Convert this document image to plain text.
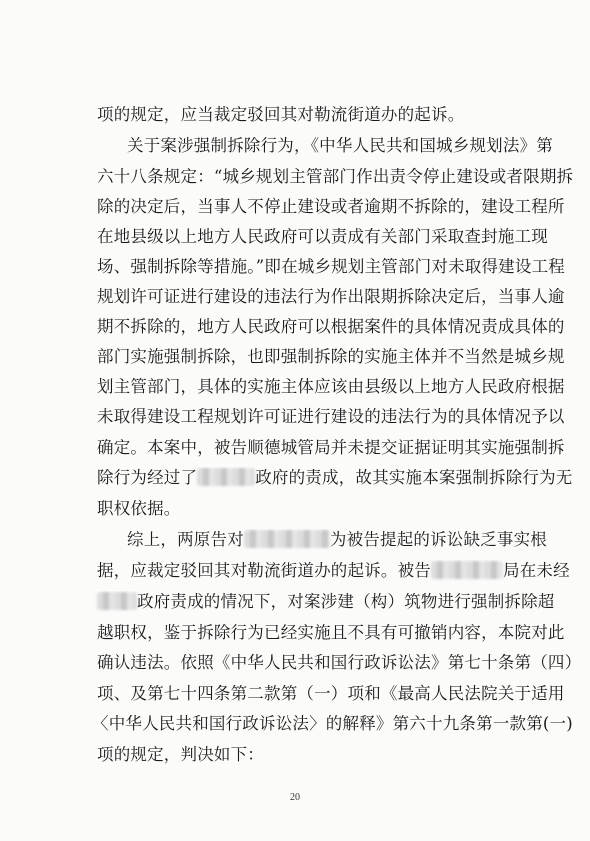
项的规定，应当裁定驳回其对勒流街道办的起诉。
关于案涉强制拆除行为，《中华人民共和国城乡规划法》第
六十八条规定：“城乡规划主管部门作出责令停止建设或者限期拆
除的决定后，当事人不停止建设或者逾期不拆除的，建设工程所
在地县级以上地方人民政府可以责成有关部门采取查封施工现
场、强制拆除等措施。”即在城乡规划主管部门对未取得建设工程
规划许可证进行建设的违法行为作出限期拆除决定后，当事人逾
期不拆除的，地方人民政府可以根据案件的具体情况责成具体的
部门实施强制拆除，也即强制拆除的实施主体并不当然是城乡规
划主管部门，具体的实施主体应该由县级以上地方人民政府根据
未取得建设工程规划许可证进行建设的违法行为的具体情况予以
确定。本案中，被告顺德城管局并未提交证据证明其实施强制拆
除行为经过了	政府的责成，故其实施本案强制拆除行为无
职权依据。
综上，两原告对	为被告提起的诉讼缺乏事实根
据，应裁定驳回其对勒流街道办的起诉。被告	局在未经
政府责成的情况下，对案涉建（构）筑物进行强制拆除超
越职权，鉴于拆除行为已经实施且不具有可撤销内容，本院对此
确认违法。依照《中华人民共和国行政诉讼法》第七十条第（四）
项、及第七十四条第二款第（一）项和《最高人民法院关于适用
〈中华人民共和国行政诉讼法〉的解释》第六十九条第一款第(一)
项的规定，判决如下：
20
